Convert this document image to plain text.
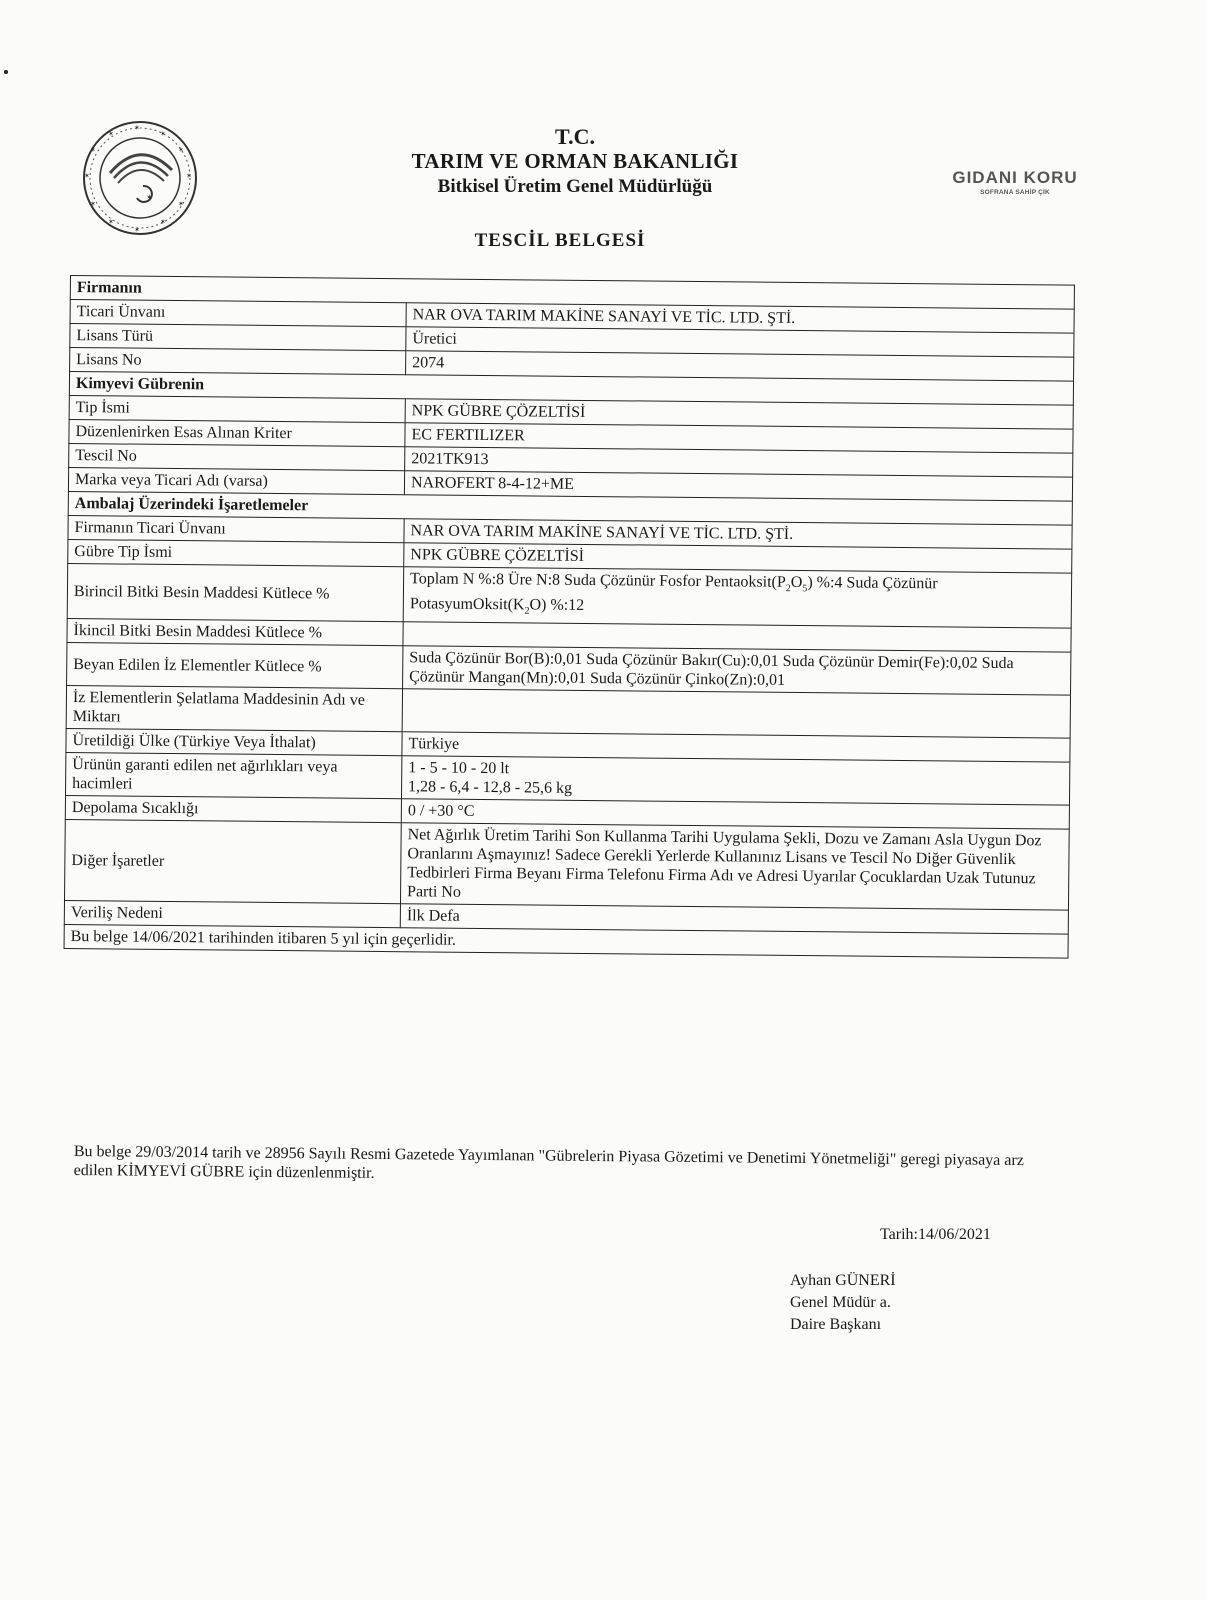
✶
✶
✶
✶
✶
✶
✶
✶
✶
✶
✶
✶
✶	T.C.
TARIM VE ORMAN BAKANLIĞI
Bitkisel Üretim Genel Müdürlüğü	GIDANI KORU
SOFRANA SAHİP ÇIK
TESCİL BELGESİ
Firmanın	
Ticari Ünvanı	NAR OVA TARIM MAKİNE SANAYİ VE TİC. LTD. ŞTİ.
Lisans Türü	Üretici
Lisans No	2074
Kimyevi Gübrenin	
Tip İsmi	NPK GÜBRE ÇÖZELTİSİ
Düzenlenirken Esas Alınan Kriter	EC FERTILIZER
Tescil No	2021TK913
Marka veya Ticari Adı (varsa)	NAROFERT 8-4-12+ME
Ambalaj Üzerindeki İşaretlemeler	
Firmanın Ticari Ünvanı	NAR OVA TARIM MAKİNE SANAYİ VE TİC. LTD. ŞTİ.
Gübre Tip İsmi	NPK GÜBRE ÇÖZELTİSİ
Birincil Bitki Besin Maddesi Kütlece %	Toplam N %:8 Üre N:8 Suda Çözünür Fosfor $Pentaoksit(P_2O_5)$ %:4 Suda Çözünür $PotasyumOksit(K_2O)$ %:12
İkincil Bitki Besin Maddesi Kütlece %	
Beyan Edilen İz Elementler Kütlece %	Suda Çözünür Bor(B):0,01 Suda Çözünür Bakır(Cu):0,01 Suda Çözünür Demir(Fe):0,02 Suda Çözünür Mangan(Mn):0,01 Suda Çözünür Çinko(Zn):0,01
İz Elementlerin Şelatlama Maddesinin Adı ve Miktarı	
Üretildiği Ülke (Türkiye Veya İthalat)	Türkiye
Ürünün garanti edilen net ağırlıkları veya hacimleri	1 - 5 - 10 - 20 lt
1,28 - 6,4 - 12,8 - 25,6 kg

Depolama Sıcaklığı	0 / +30 °C
Diğer İşaretler	Net Ağırlık Üretim Tarihi Son Kullanma Tarihi Uygulama Şekli, Dozu ve Zamanı Asla Uygun Doz Oranlarını Aşmayınız! Sadece Gerekli Yerlerde Kullanınız Lisans ve Tescil No Diğer Güvenlik Tedbirleri Firma Beyanı Firma Telefonu Firma Adı ve Adresi Uyarılar Çocuklardan Uzak Tutunuz Parti No
Veriliş Nedeni	İlk Defa
Bu belge 14/06/2021 tarihinden itibaren 5 yıl için geçerlidir.	
Bu belge 29/03/2014 tarih ve 28956 Sayılı Resmi Gazetede Yayımlanan "Gübrelerin Piyasa Gözetimi ve Denetimi Yönetmeliği" geregi piyasaya arz edilen KİMYEVİ GÜBRE için düzenlenmiştir.
Tarih:14/06/2021
Ayhan GÜNERİ
Genel Müdür a.
Daire Başkanı
